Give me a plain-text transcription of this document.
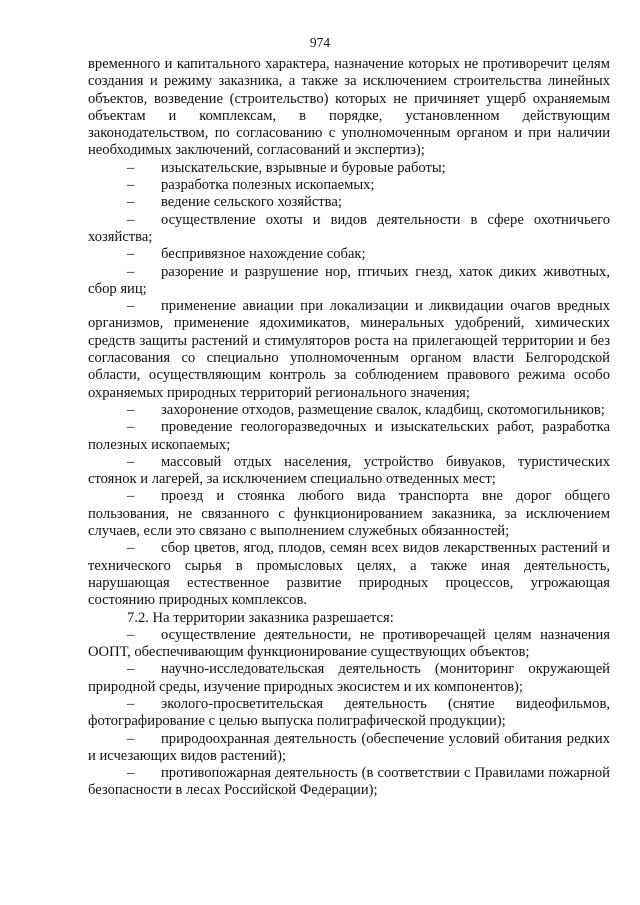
974

временного и капитального характера, назначение которых не противоречит целям создания и режиму заказника, а также за исключением строительства линейных объектов, возведение (строительство) которых не причиняет ущерб охраняемым объектам и комплексам, в порядке, установленном действующим законодательством, по согласованию с уполномоченным органом и при наличии необходимых заключений, согласований и экспертиз);

– изыскательские, взрывные и буровые работы;

– разработка полезных ископаемых;

– ведение сельского хозяйства;

– осуществление охоты и видов деятельности в сфере охотничьего хозяйства;

– беспривязное нахождение собак;

– разорение и разрушение нор, птичьих гнезд, хаток диких животных, сбор яиц;

– применение авиации при локализации и ликвидации очагов вредных организмов, применение ядохимикатов, минеральных удобрений, химических средств защиты растений и стимуляторов роста на прилегающей территории и без согласования со специально уполномоченным органом власти Белгородской области, осуществляющим контроль за соблюдением правового режима особо охраняемых природных территорий регионального значения;

– захоронение отходов, размещение свалок, кладбищ, скотомогильников;

– проведение геологоразведочных и изыскательских работ, разработка полезных ископаемых;

– массовый отдых населения, устройство бивуаков, туристических стоянок и лагерей, за исключением специально отведенных мест;

– проезд и стоянка любого вида транспорта вне дорог общего пользования, не связанного с функционированием заказника, за исключением случаев, если это связано с выполнением служебных обязанностей;

– сбор цветов, ягод, плодов, семян всех видов лекарственных растений и технического сырья в промысловых целях, а также иная деятельность, нарушающая естественное развитие природных процессов, угрожающая состоянию природных комплексов.

7.2. На территории заказника разрешается:

– осуществление деятельности, не противоречащей целям назначения ООПТ, обеспечивающим функционирование существующих объектов;

– научно-исследовательская деятельность (мониторинг окружающей природной среды, изучение природных экосистем и их компонентов);

– эколого-просветительская деятельность (снятие видеофильмов, фотографирование с целью выпуска полиграфической продукции);

– природоохранная деятельность (обеспечение условий обитания редких и исчезающих видов растений);

– противопожарная деятельность (в соответствии с Правилами пожарной безопасности в лесах Российской Федерации);
